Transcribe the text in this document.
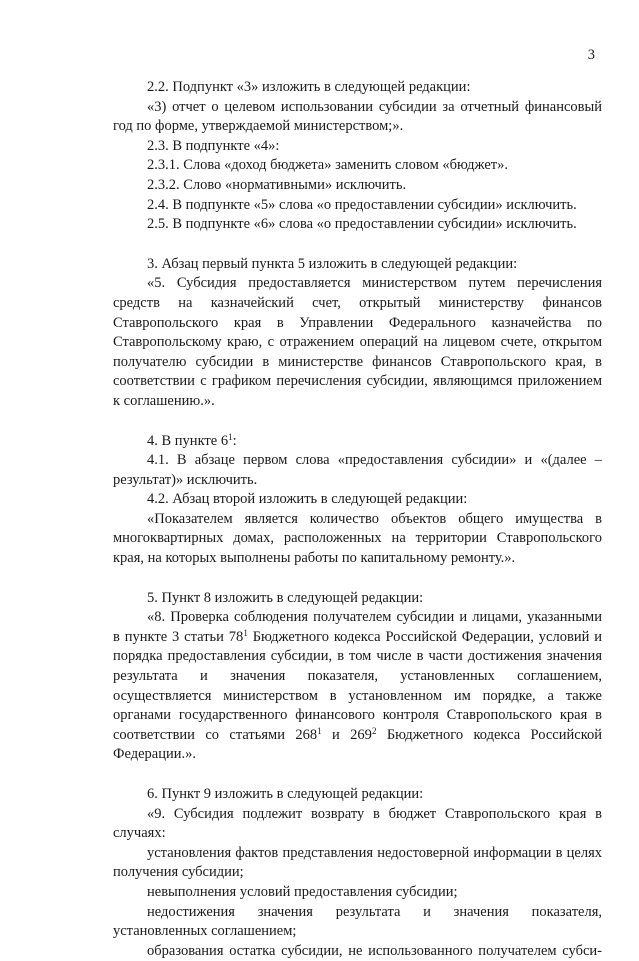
3

2.2. Подпункт «3» изложить в следующей редакции:

«3) отчет о целевом использовании субсидии за отчетный финансовый год по форме, утверждаемой министерством;».

2.3. В подпункте «4»:

2.3.1. Слова «доход бюджета» заменить словом «бюджет».

2.3.2. Слово «нормативными» исключить.

2.4. В подпункте «5» слова «о предоставлении субсидии» исключить.

2.5. В подпункте «6» слова «о предоставлении субсидии» исключить.

3. Абзац первый пункта 5 изложить в следующей редакции:

«5. Субсидия предоставляется министерством путем перечисления средств на казначейский счет, открытый министерству финансов Ставропольского края в Управлении Федерального казначейства по Ставропольскому краю, с отражением операций на лицевом счете, открытом получателю субсидии в министерстве финансов Ставропольского края, в соответствии с графиком перечисления субсидии, являющимся приложением к соглашению.».

4. В пункте $6^1$:

4.1. В абзаце первом слова «предоставления субсидии» и «(далее – результат)» исключить.

4.2. Абзац второй изложить в следующей редакции:

«Показателем является количество объектов общего имущества в многоквартирных домах, расположенных на территории Ставропольского края, на которых выполнены работы по капитальному ремонту.».

5. Пункт 8 изложить в следующей редакции:

«8. Проверка соблюдения получателем субсидии и лицами, указанными в пункте 3 статьи $78^1$ Бюджетного кодекса Российской Федерации, условий и порядка предоставления субсидии, в том числе в части достижения значения результата и значения показателя, установленных соглашением, осуществляется министерством в установленном им порядке, а также органами государственного финансового контроля Ставропольского края в соответствии со статьями $268^1$ и $269^2$ Бюджетного кодекса Российской Федерации.».

6. Пункт 9 изложить в следующей редакции:

«9. Субсидия подлежит возврату в бюджет Ставропольского края в случаях:

установления фактов представления недостоверной информации в целях получения субсидии;

невыполнения условий предоставления субсидии;

недостижения значения результата и значения показателя, установленных соглашением;

образования остатка субсидии, не использованного получателем субси-
